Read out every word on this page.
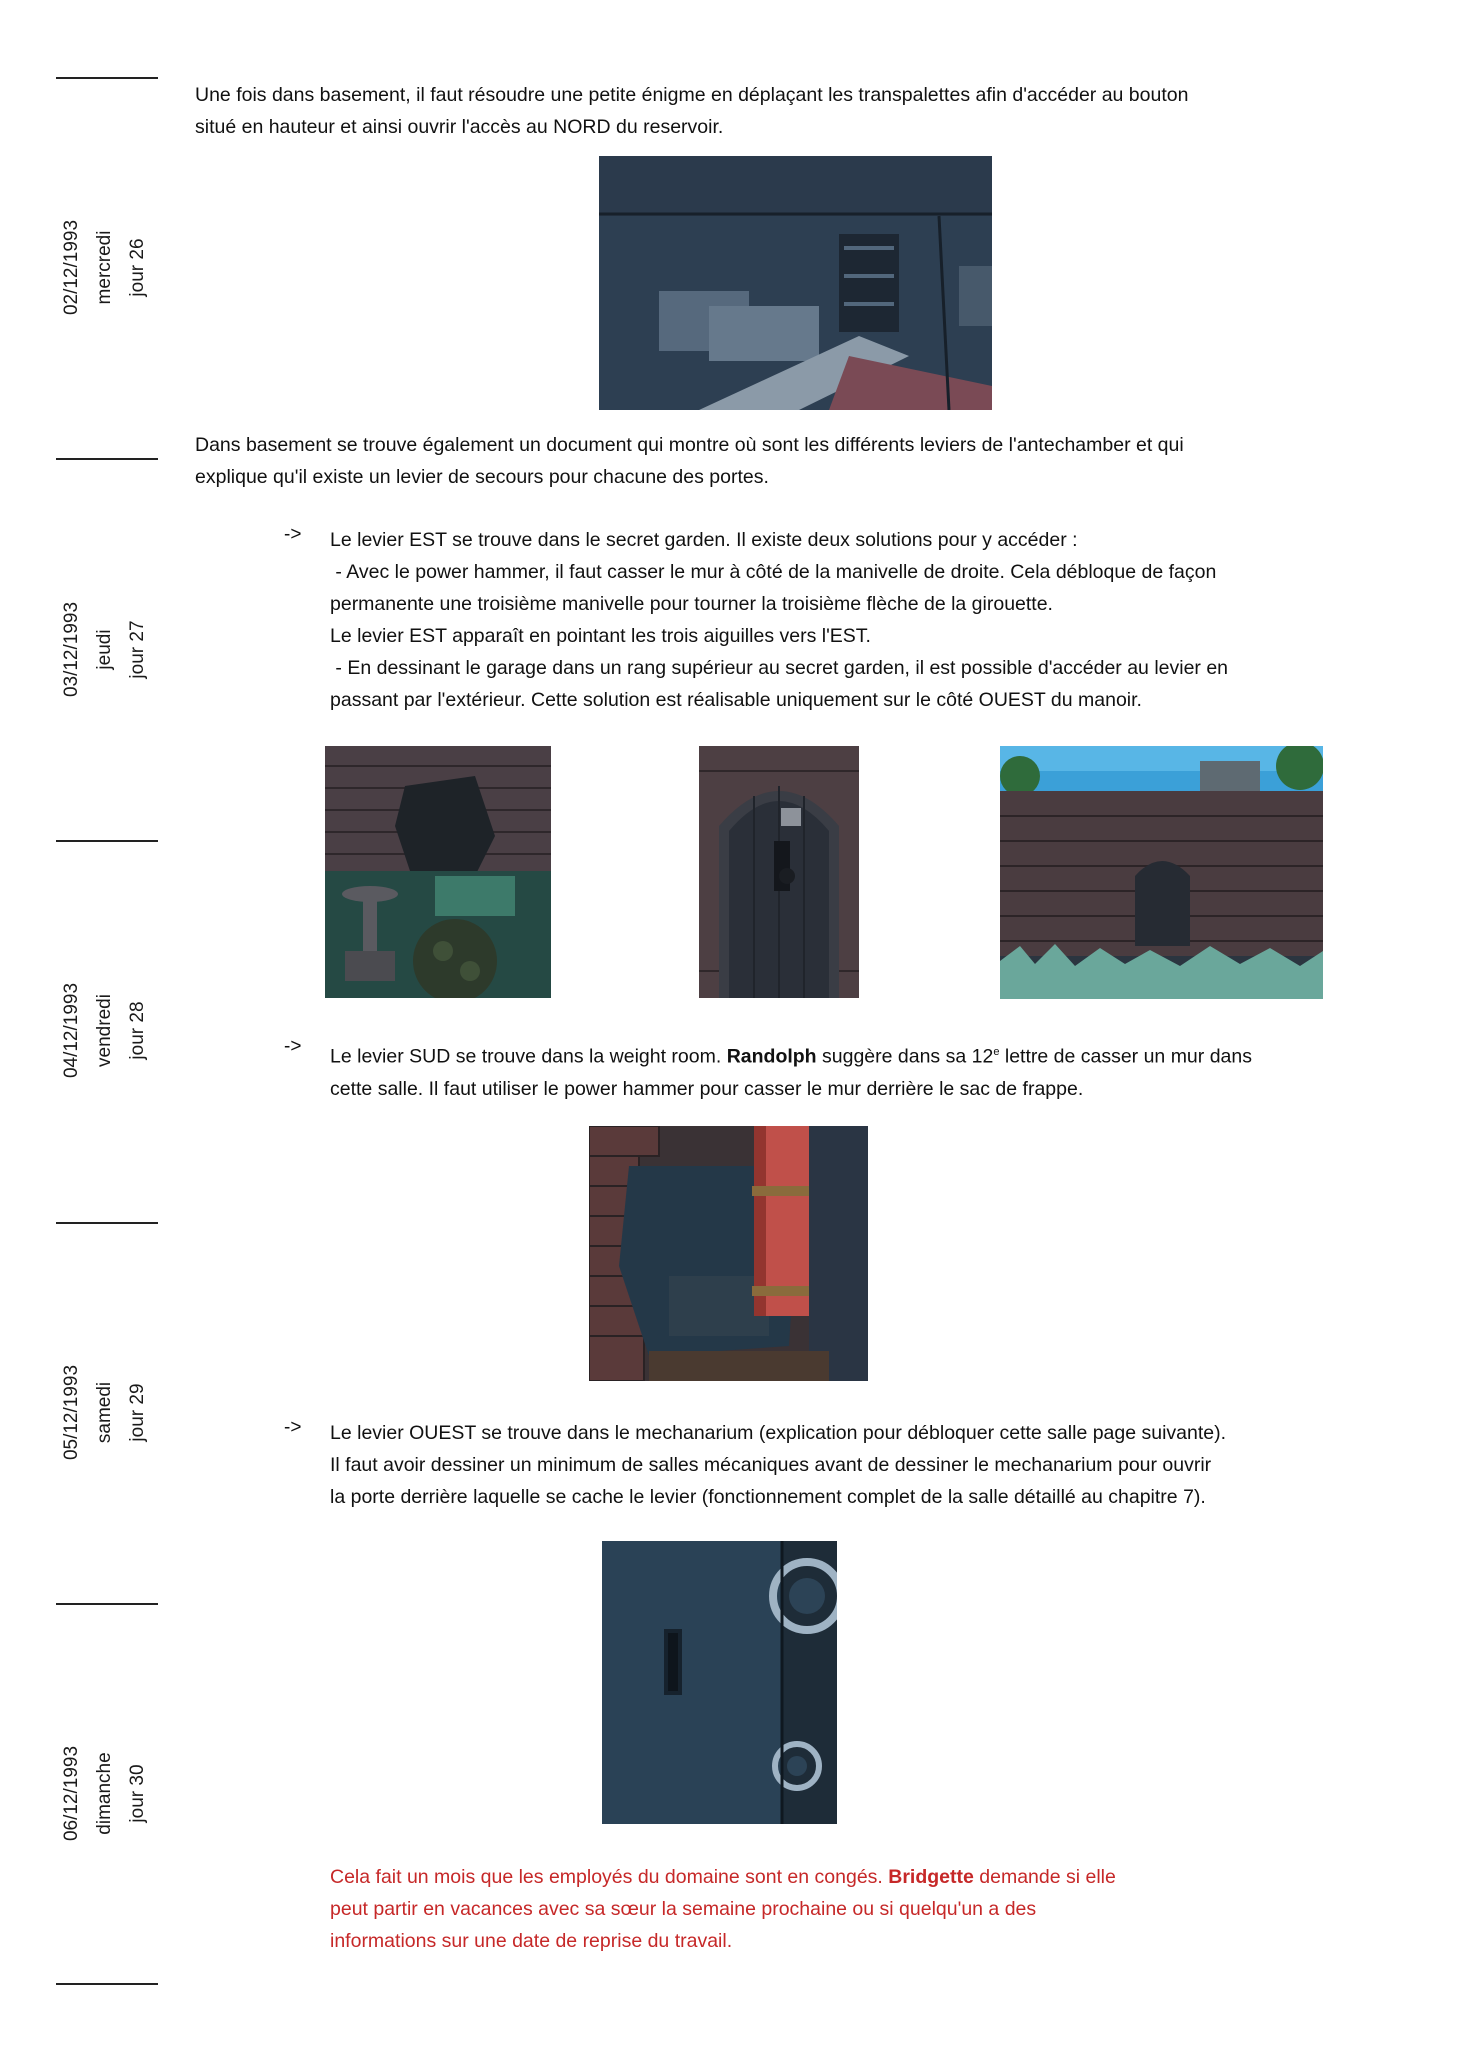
02/12/1993 mercredi jour 26
03/12/1993 jeudi jour 27
04/12/1993 vendredi jour 28
05/12/1993 samedi jour 29
06/12/1993 dimanche jour 30
Une fois dans basement, il faut résoudre une petite énigme en déplaçant les transpalettes afin d'accéder au bouton
situé en hauteur et ainsi ouvrir l'accès au NORD du reservoir.
Dans basement se trouve également un document qui montre où sont les différents leviers de l'antechamber et qui
explique qu'il existe un levier de secours pour chacune des portes.
-> Le levier EST se trouve dans le secret garden. Il existe deux solutions pour y accéder :
- Avec le power hammer, il faut casser le mur à côté de la manivelle de droite. Cela débloque de façon
permanente une troisième manivelle pour tourner la troisième flèche de la girouette.
Le levier EST apparaît en pointant les trois aiguilles vers l'EST.
- En dessinant le garage dans un rang supérieur au secret garden, il est possible d'accéder au levier en
passant par l'extérieur. Cette solution est réalisable uniquement sur le côté OUEST du manoir.
-> Le levier SUD se trouve dans la weight room. Randolph suggère dans sa 12e lettre de casser un mur dans
cette salle. Il faut utiliser le power hammer pour casser le mur derrière le sac de frappe.
-> Le levier OUEST se trouve dans le mechanarium (explication pour débloquer cette salle page suivante).
Il faut avoir dessiner un minimum de salles mécaniques avant de dessiner le mechanarium pour ouvrir
la porte derrière laquelle se cache le levier (fonctionnement complet de la salle détaillé au chapitre 7).
Cela fait un mois que les employés du domaine sont en congés. Bridgette demande si elle
peut partir en vacances avec sa sœur la semaine prochaine ou si quelqu'un a des
informations sur une date de reprise du travail.
